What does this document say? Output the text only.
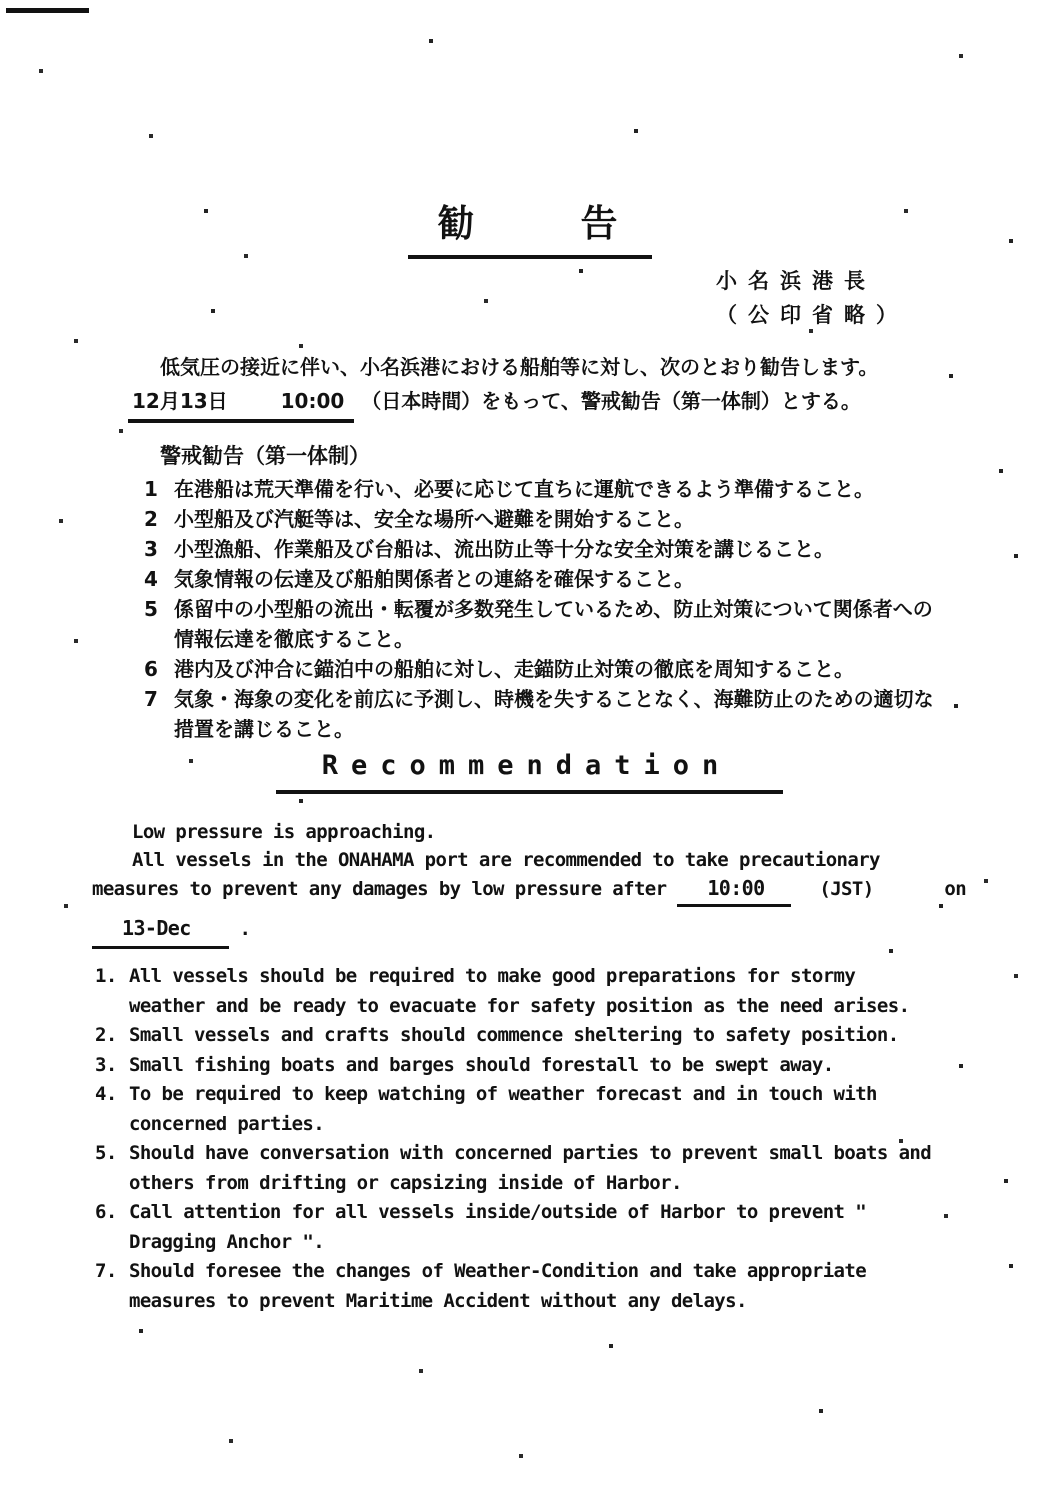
勧	告
小名浜港長
（公印省略）
低気圧の接近に伴い、小名浜港における船舶等に対し、次のとおり勧告します。
12月13日	10:00 （日本時間）をもって、警戒勧告（第一体制）とする。
警戒勧告（第一体制）
1 在港船は荒天準備を行い、必要に応じて直ちに運航できるよう準備すること。
2 小型船及び汽艇等は、安全な場所へ避難を開始すること。
3 小型漁船、作業船及び台船は、流出防止等十分な安全対策を講じること。
4 気象情報の伝達及び船舶関係者との連絡を確保すること。
5 係留中の小型船の流出・転覆が多数発生しているため、防止対策について関係者への情報伝達を徹底すること。
6 港内及び沖合に錨泊中の船舶に対し、走錨防止対策の徹底を周知すること。
7 気象・海象の変化を前広に予測し、時機を失することなく、海難防止のための適切な措置を講じること。
Recommendation
Low pressure is approaching.
All vessels in the ONAHAMA port are recommended to take precautionary
measures to prevent any damages by low pressure after 10:00	(JST)	on
13-Dec	.
1. All vessels should be required to make good preparations for stormy weather and be ready to evacuate for safety position as the need arises.
2. Small vessels and crafts should commence sheltering to safety position.
3. Small fishing boats and barges should forestall to be swept away.
4. To be required to keep watching of weather forecast and in touch with concerned parties.
5. Should have conversation with concerned parties to prevent small boats and others from drifting or capsizing inside of Harbor.
6. Call attention for all vessels inside/outside of Harbor to prevent " Dragging Anchor ".
7. Should foresee the changes of Weather-Condition and take appropriate measures to prevent Maritime Accident without any delays.
